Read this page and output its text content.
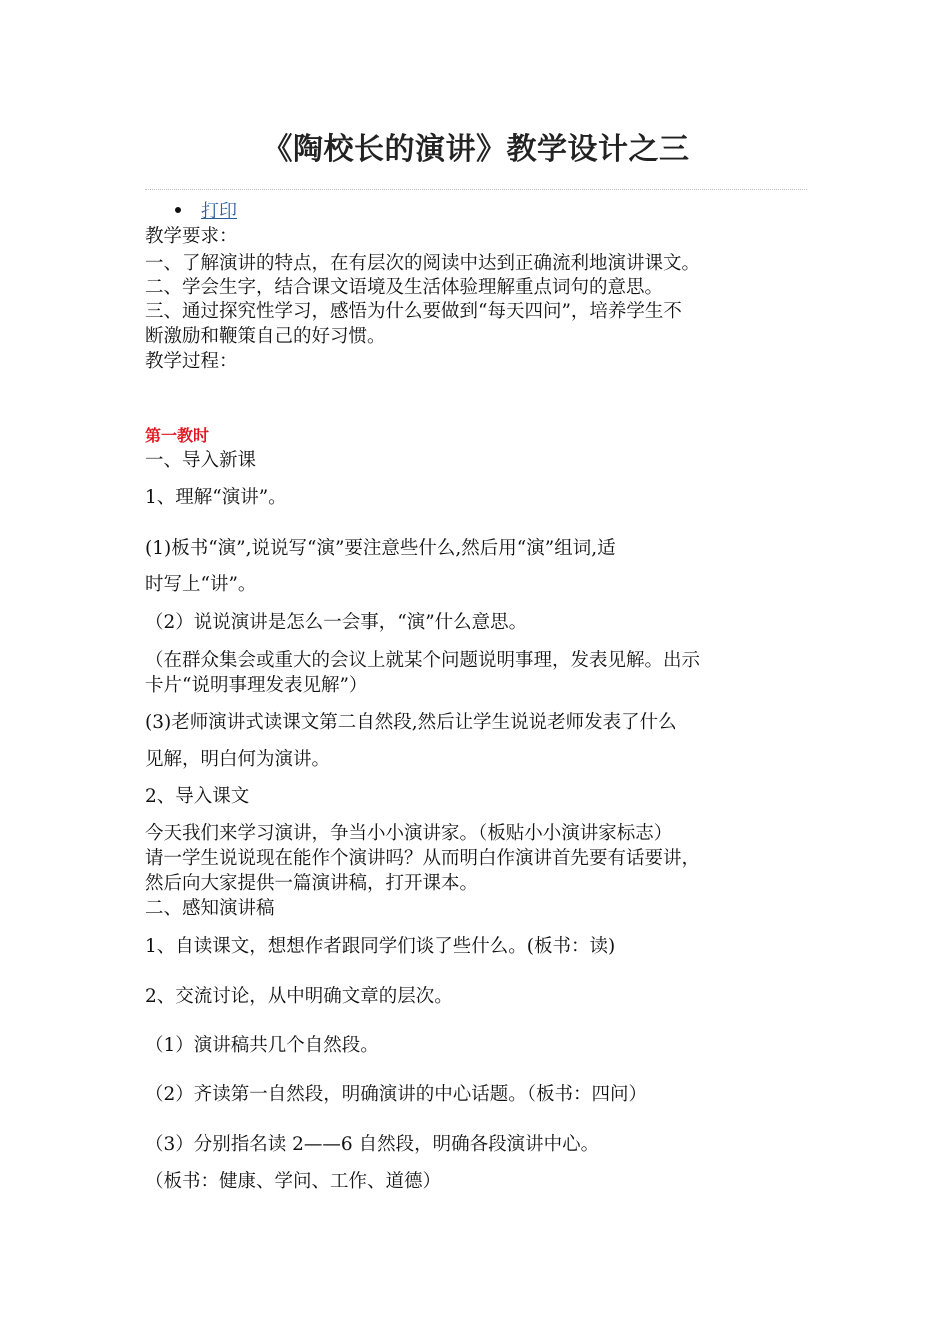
《陶校长的演讲》教学设计之三
打印
教学要求：
一、了解演讲的特点，在有层次的阅读中达到正确流利地演讲课文。
二、学会生字，结合课文语境及生活体验理解重点词句的意思。
三、通过探究性学习，感悟为什么要做到“每天四问”，培养学生不
断激励和鞭策自己的好习惯。
教学过程：
第一教时
一、导入新课
1、理解“演讲”。
(1)板书“演”,说说写“演”要注意些什么,然后用“演”组词,适
时写上“讲”。
（2）说说演讲是怎么一会事，“演”什么意思。
（在群众集会或重大的会议上就某个问题说明事理，发表见解。出示
卡片“说明事理发表见解”）
(3)老师演讲式读课文第二自然段,然后让学生说说老师发表了什么
见解，明白何为演讲。
2、导入课文
今天我们来学习演讲，争当小小演讲家。（板贴小小演讲家标志）
请一学生说说现在能作个演讲吗？从而明白作演讲首先要有话要讲，
然后向大家提供一篇演讲稿，打开课本。
二、感知演讲稿
1、自读课文，想想作者跟同学们谈了些什么。(板书：读)
2、交流讨论，从中明确文章的层次。
（1）演讲稿共几个自然段。
（2）齐读第一自然段，明确演讲的中心话题。（板书：四问）
（3）分别指名读 2——6 自然段，明确各段演讲中心。
（板书：健康、学问、工作、道德）
